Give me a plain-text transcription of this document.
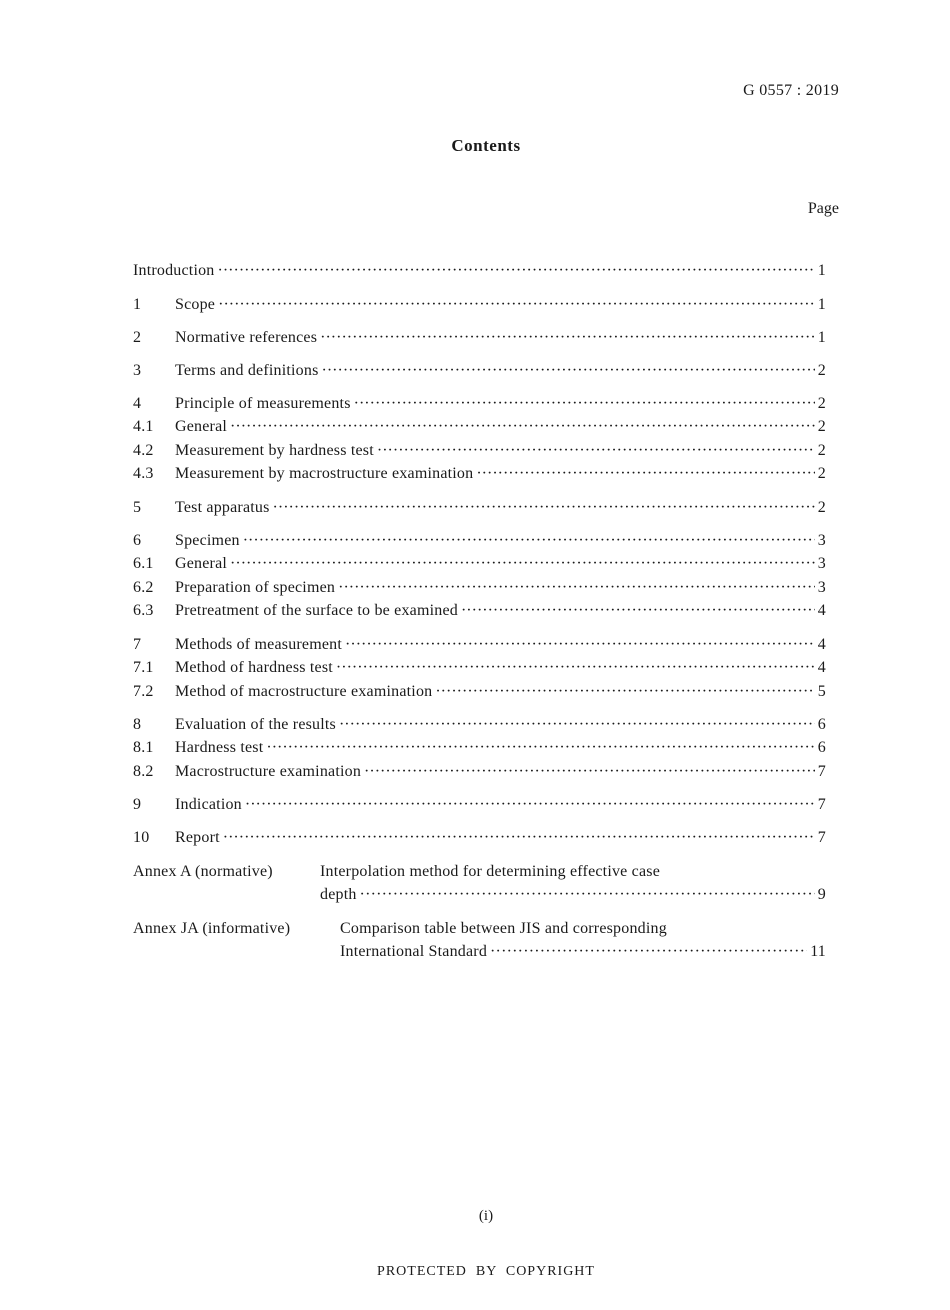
G 0557 : 2019
Contents
Page
Introduction ·····	1
1	Scope ·····	1
2	Normative references ·····	1
3	Terms and definitions ·····	2
4	Principle of measurements ·····	2
4.1	General ·····	2
4.2	Measurement by hardness test ·····	2
4.3	Measurement by macrostructure examination ·····	2
5	Test apparatus ·····	2
6	Specimen ·····	3
6.1	General ·····	3
6.2	Preparation of specimen ·····	3
6.3	Pretreatment of the surface to be examined ·····	4
7	Methods of measurement ·····	4
7.1	Method of hardness test ·····	4
7.2	Method of macrostructure examination ·····	5
8	Evaluation of the results ·····	6
8.1	Hardness test ·····	6
8.2	Macrostructure examination ·····	7
9	Indication ·····	7
10	Report ·····	7
Annex A (normative)	Interpolation method for determining effective case
depth ·····	9
Annex JA (informative)	Comparison table between JIS and corresponding
International Standard ·····	11
(i)
PROTECTED  BY  COPYRIGHT
